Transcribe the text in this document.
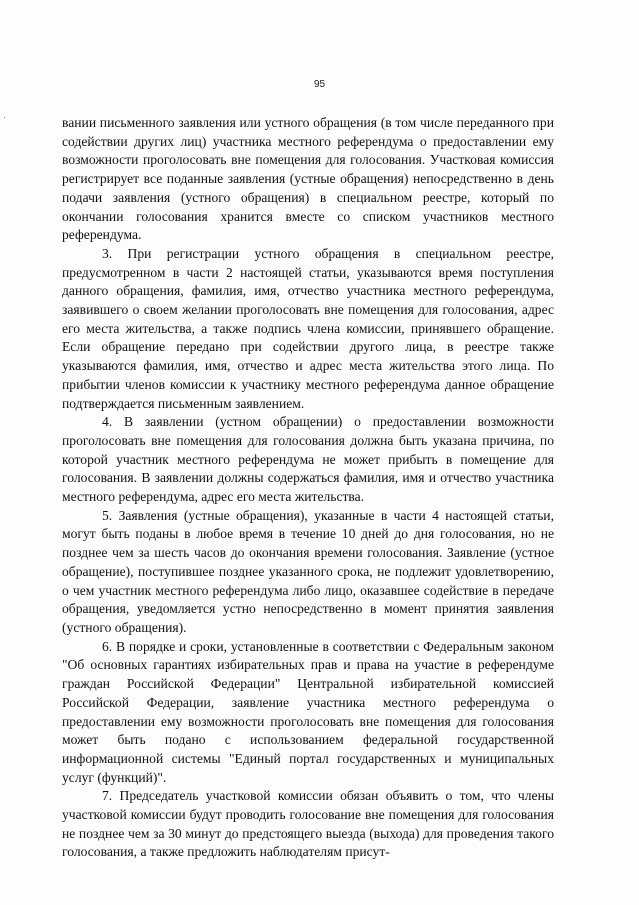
95

вании письменного заявления или устного обращения (в том числе переданного при содействии других лиц) участника местного референдума о предоставлении ему возможности проголосовать вне помещения для голосования. Участковая комиссия регистрирует все поданные заявления (устные обращения) непосредственно в день подачи заявления (устного обращения) в специальном реестре, который по окончании голосования хранится вместе со списком участников местного референдума.

3. При регистрации устного обращения в специальном реестре, предусмотренном в части 2 настоящей статьи, указываются время поступления данного обращения, фамилия, имя, отчество участника местного референдума, заявившего о своем желании проголосовать вне помещения для голосования, адрес его места жительства, а также подпись члена комиссии, принявшего обращение. Если обращение передано при содействии другого лица, в реестре также указываются фамилия, имя, отчество и адрес места жительства этого лица. По прибытии членов комиссии к участнику местного референдума данное обращение подтверждается письменным заявлением.

4. В заявлении (устном обращении) о предоставлении возможности проголосовать вне помещения для голосования должна быть указана причина, по которой участник местного референдума не может прибыть в помещение для голосования. В заявлении должны содержаться фамилия, имя и отчество участника местного референдума, адрес его места жительства.

5. Заявления (устные обращения), указанные в части 4 настоящей статьи, могут быть поданы в любое время в течение 10 дней до дня голосования, но не позднее чем за шесть часов до окончания времени голосования. Заявление (устное обращение), поступившее позднее указанного срока, не подлежит удовлетворению, о чем участник местного референдума либо лицо, оказавшее содействие в передаче обращения, уведомляется устно непосредственно в момент принятия заявления (устного обращения).

6. В порядке и сроки, установленные в соответствии с Федеральным законом "Об основных гарантиях избирательных прав и права на участие в референдуме граждан Российской Федерации" Центральной избирательной комиссией Российской Федерации, заявление участника местного референдума о предоставлении ему возможности проголосовать вне помещения для голосования может быть подано с использованием федеральной государственной информационной системы "Единый портал государственных и муниципальных услуг (функций)".

7. Председатель участковой комиссии обязан объявить о том, что члены участковой комиссии будут проводить голосование вне помещения для голосования не позднее чем за 30 минут до предстоящего выезда (выхода) для проведения такого голосования, а также предложить наблюдателям присут-
